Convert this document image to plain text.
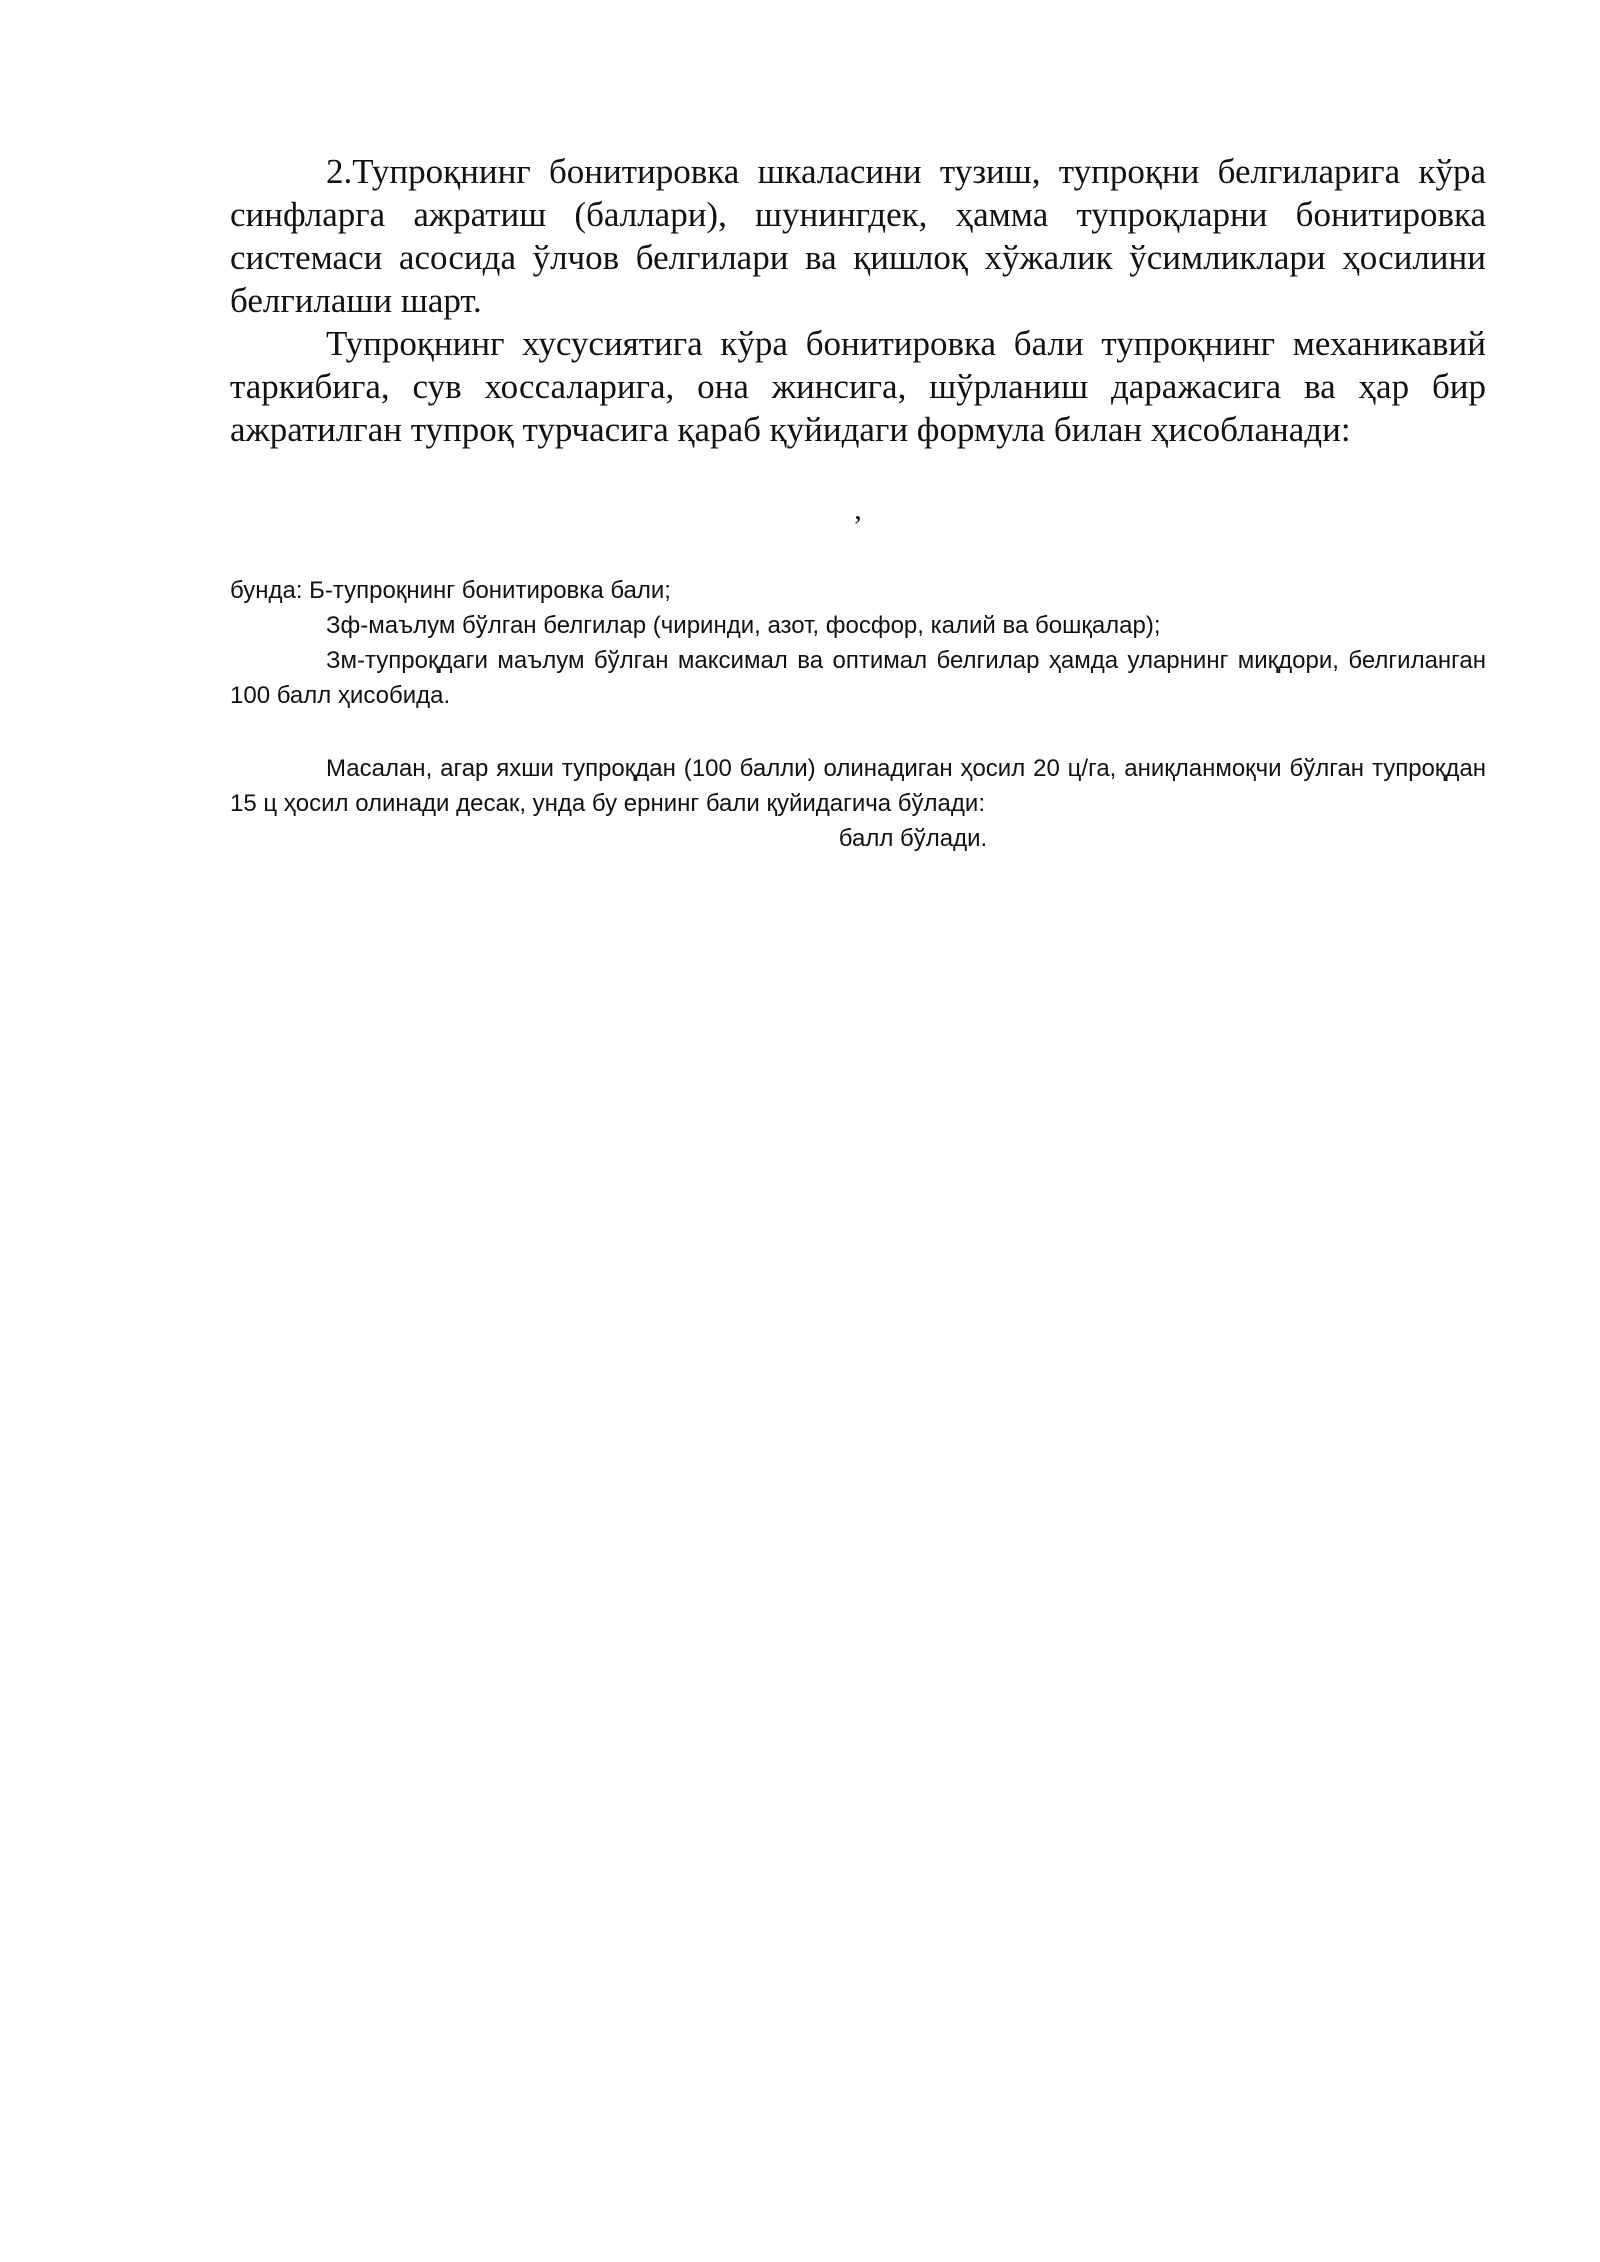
2.Тупроқнинг бонитировка шкаласини тузиш, тупроқни белгиларига кўра синфларга ажратиш (баллари), шунингдек, ҳамма тупроқларни бонитировка системаси асосида ўлчов белгилари ва қишлоқ хўжалик ўсимликлари ҳосилини белгилаши шарт.

Тупроқнинг хусусиятига кўра бонитировка бали тупроқнинг механикавий таркибига, сув хоссаларига, она жинсига, шўрланиш даражасига ва ҳар бир ажратилган тупроқ турчасига қараб қуйидаги формула билан ҳисобланади:

,

бунда: Б-тупроқнинг бонитировка бали;

Зф-маълум бўлган белгилар (чиринди, азот, фосфор, калий ва бошқалар);

Зм-тупроқдаги маълум бўлган максимал ва оптимал белгилар ҳамда уларнинг миқдори, белгиланган 100 балл ҳисобида.

Масалан, агар яхши тупроқдан (100 балли) олинадиган ҳосил 20 ц/га, аниқланмоқчи бўлган тупроқдан 15 ц ҳосил олинади десак, унда бу ернинг бали қуйидагича бўлади:

балл бўлади.
